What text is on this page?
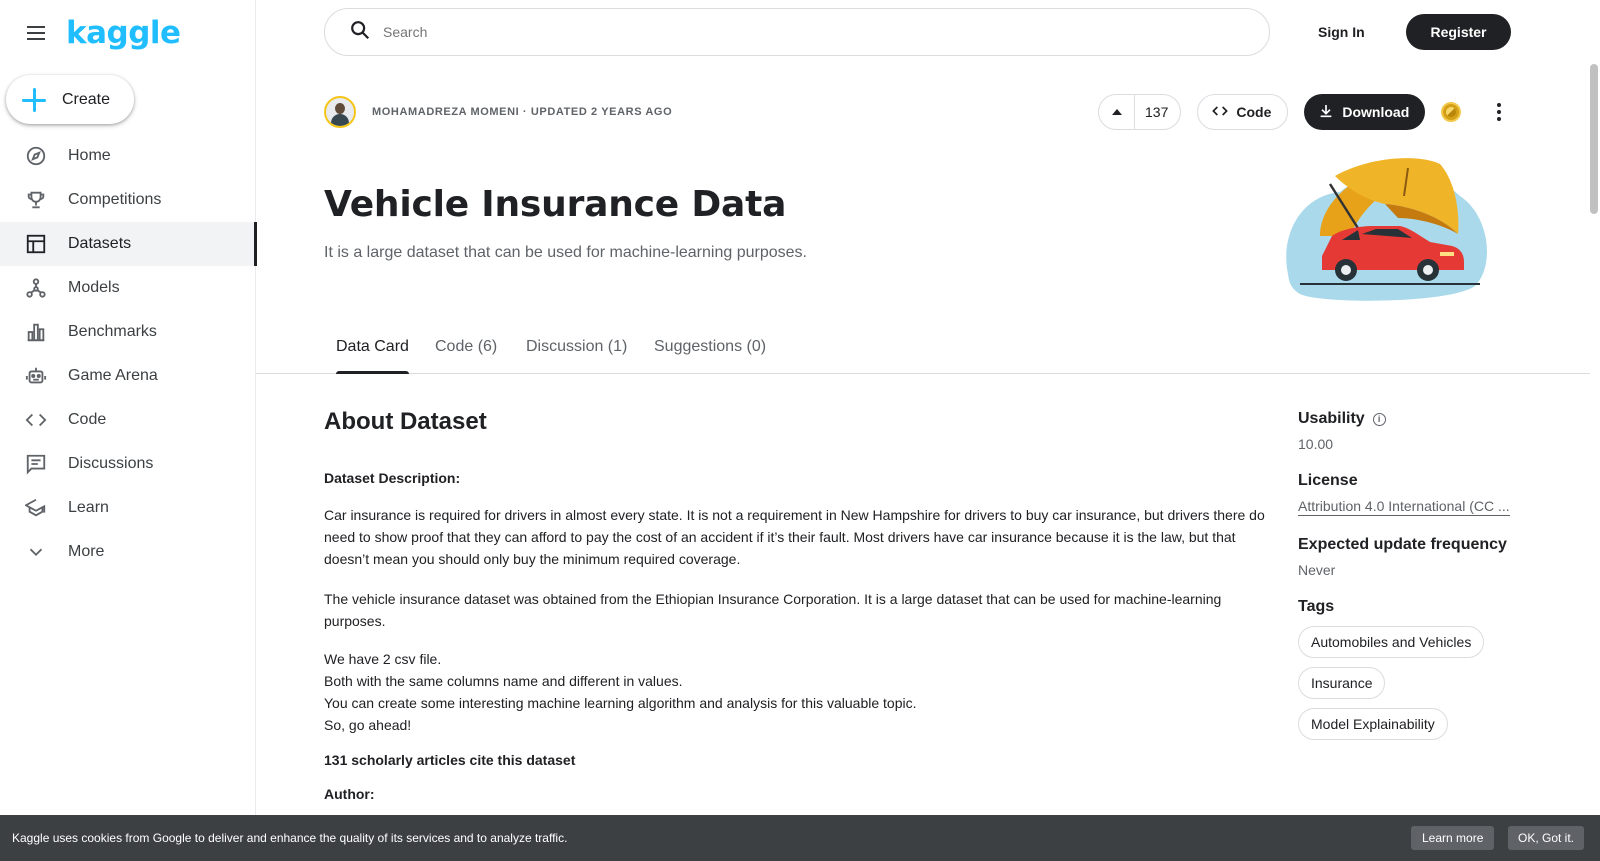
kaggle
Create
Home
Competitions
Datasets
Models
Benchmarks
Game Arena
Code
Discussions
Learn
More
Search
Sign In	Register
MOHAMADREZA MOMENI · UPDATED 2 YEARS AGO	137	Code	Download
Vehicle Insurance Data
It is a large dataset that can be used for machine-learning purposes.
Data Card Code (6) Discussion (1) Suggestions (0)
About Dataset
Dataset Description:
Car insurance is required for drivers in almost every state. It is not a requirement in New Hampshire for drivers to buy car insurance, but drivers there do need to show proof that they can afford to pay the cost of an accident if it’s their fault. Most drivers have car insurance because it is the law, but that doesn’t mean you should only buy the minimum required coverage.
The vehicle insurance dataset was obtained from the Ethiopian Insurance Corporation. It is a large dataset that can be used for machine-learning purposes.
We have 2 csv file.
Both with the same columns name and different in values.
You can create some interesting machine learning algorithm and analysis for this valuable topic.
So, go ahead!
131 scholarly articles cite this dataset
Author:
Usability	i
10.00
License
Attribution 4.0 International (CC ...
Expected update frequency
Never
Tags
Automobiles and Vehicles
Insurance
Model Explainability
Kaggle uses cookies from Google to deliver and enhance the quality of its services and to analyze traffic.	Learn more	OK, Got it.
